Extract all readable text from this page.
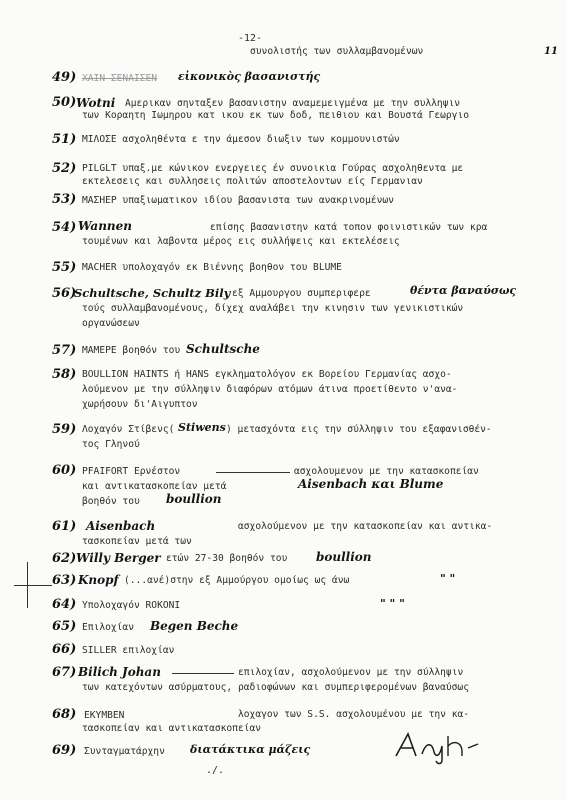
-12-
συνολιστής των συλλαμβανομένων	11
49) ΧΑΙΝ ΣΕΝΑΙΣΕΝ εἰκονικὸς βασανιστής
50) Wotni Αμερικαν σηνταξεν βασανιστην αναμεμειγμένα με την συλληψιν
των Κοραητη Ιωμηρου κατ ικου εκ των δοδ, πειθιου και Βουστά Γεωργιο
51) ΜΙΛΟΣΕ ασχοληθέντα ε την άμεσον διωξιν των κομμουνιστών
52) PILGLT υπαξ.με κώνικον ενεργειες έν συνοικια Γούρας ασχοληθεντα με
εκτελεσεις και συλλησεις πολιτών αποστελοντων είς Γερμανιαν
53) ΜΑΣΗΕΡ υπαξιωματικον ιδίου βασανιστα των ανακρινομένων
54) Wannen	επίσης βασανιστην κατά τοπον φοινιστικών των κρα
τουμένων και λαβοντα μέρος εις συλλήψεις και εκτελέσεις
55) ΜΑCHER υπολοχαγόν εκ Βιέννης βοηθον του BLUME
56)
Schultsche, Schultz Bily εξ Αμμουργου συμπεριφερε	θέντα βαναύσως
τούς συλλαμβανομένους, δίχεχ αναλάβει την κινησιν των γενικιστικών
οργανώσεων
57) ΜΑΜΕΡΕ βοηθόν του Schultsche
58) BOULLION HAINTS ή HANS εγκληματολόγον εκ Βορείου Γερμανίας ασχο-
λούμενον με την σύλληψιν διαφόρων ατόμων άτινα προετίθεντο ν'ανα-
χωρήσουν δι'Αιγυπτον
59) Λοχαγόν Στίβενς( Stiwens ) μετασχόντα εις την σύλληψιν του εξαφανισθέν-
τος Γληνού
60) PFAIFORT Ερνέστον	ασχολουμενον με την κατασκοπείαν
και αντικατασκοπείαν μετά	Aisenbach και Blume
βοηθόν του boullion
61) Aisenbach	ασχολούμενον με την κατασκοπείαν και αντικα-
τασκοπείαν μετά των
62) Willy Berger ετών 27-30 βοηθόν του boullion
63) Knopf (...ανέ)στην εξ Αμμούργου ομοίως ως άνω	" "
64) Υπολοχαγόν ROKONI	" " "
65) Επιλοχίαν Begen Beche
66) SILLER επιλοχίαν
67) Bilich Johan	επιλοχίαν, ασχολούμενον με την σύλληψιν
των κατεχόντων ασύρματους, ραδιοφώνων και συμπεριφερομένων βαναύσως
68) ΕΚΥΜΒΕΝ	λοχαγον των S.S. ασχολουμένου με την κα-
τασκοπείαν και αντικατασκοπείαν
69) Συνταγματάρχην διατάκτικα μάζεις
./.
